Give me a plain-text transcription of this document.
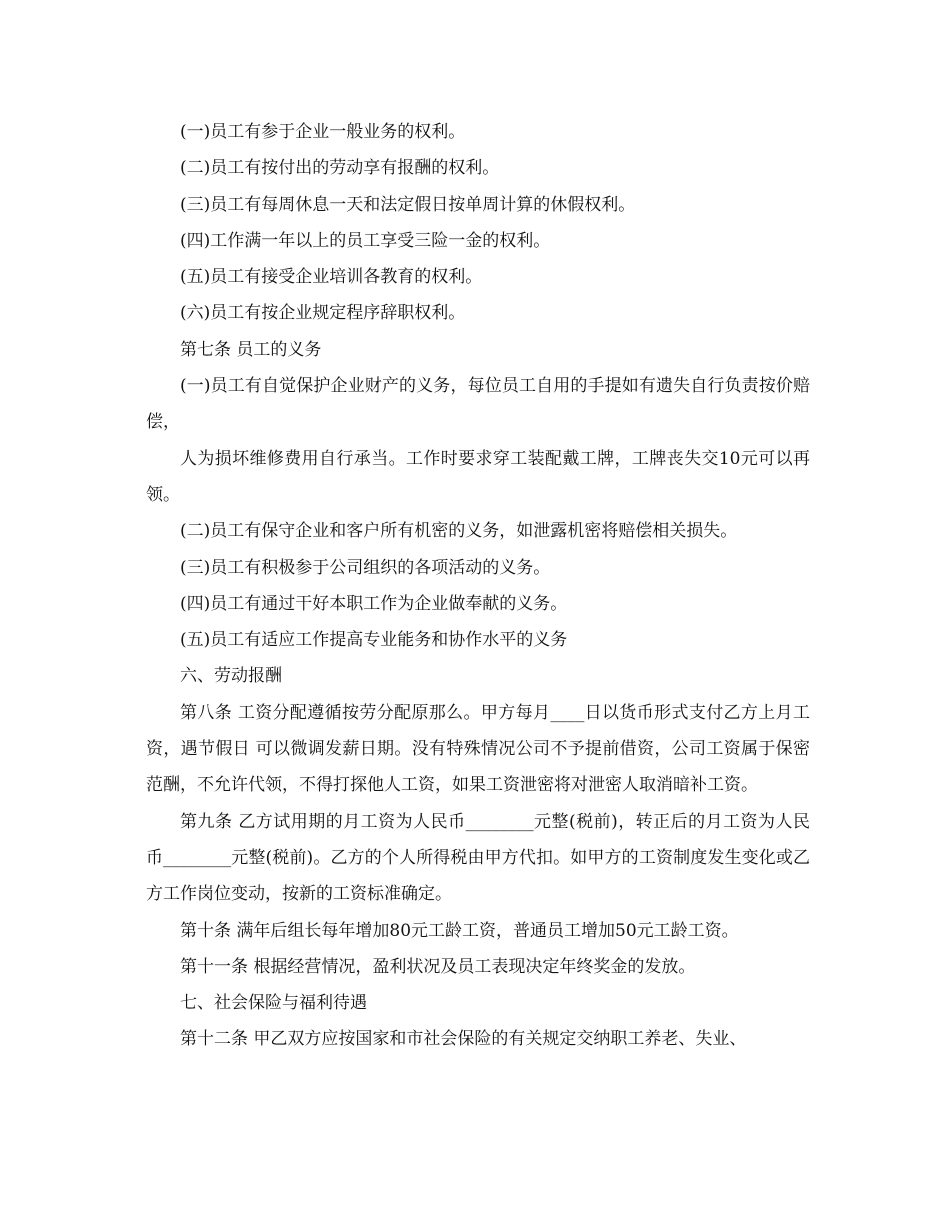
(一)员工有参于企业一般业务的权利。

(二)员工有按付出的劳动享有报酬的权利。

(三)员工有每周休息一天和法定假日按单周计算的休假权利。

(四)工作满一年以上的员工享受三险一金的权利。

(五)员工有接受企业培训各教育的权利。

(六)员工有按企业规定程序辞职权利。

第七条 员工的义务

(一)员工有自觉保护企业财产的义务，每位员工自用的手提如有遗失自行负责按价赔偿，

人为损坏维修费用自行承当。工作时要求穿工装配戴工牌，工牌丧失交10元可以再领。

(二)员工有保守企业和客户所有机密的义务，如泄露机密将赔偿相关损失。

(三)员工有积极参于公司组织的各项活动的义务。

(四)员工有通过干好本职工作为企业做奉献的义务。

(五)员工有适应工作提高专业能务和协作水平的义务

六、劳动报酬

第八条 工资分配遵循按劳分配原那么。甲方每月____日以货币形式支付乙方上月工资，遇节假日 可以微调发薪日期。没有特殊情况公司不予提前借资，公司工资属于保密范酬，不允许代领，不得打探他人工资，如果工资泄密将对泄密人取消暗补工资。

第九条 乙方试用期的月工资为人民币________元整(税前)，转正后的月工资为人民币________元整(税前)。乙方的个人所得税由甲方代扣。如甲方的工资制度发生变化或乙方工作岗位变动，按新的工资标准确定。

第十条 满年后组长每年增加80元工龄工资，普通员工增加50元工龄工资。

第十一条 根据经营情况，盈利状况及员工表现决定年终奖金的发放。

七、社会保险与福利待遇

第十二条 甲乙双方应按国家和市社会保险的有关规定交纳职工养老、失业、
